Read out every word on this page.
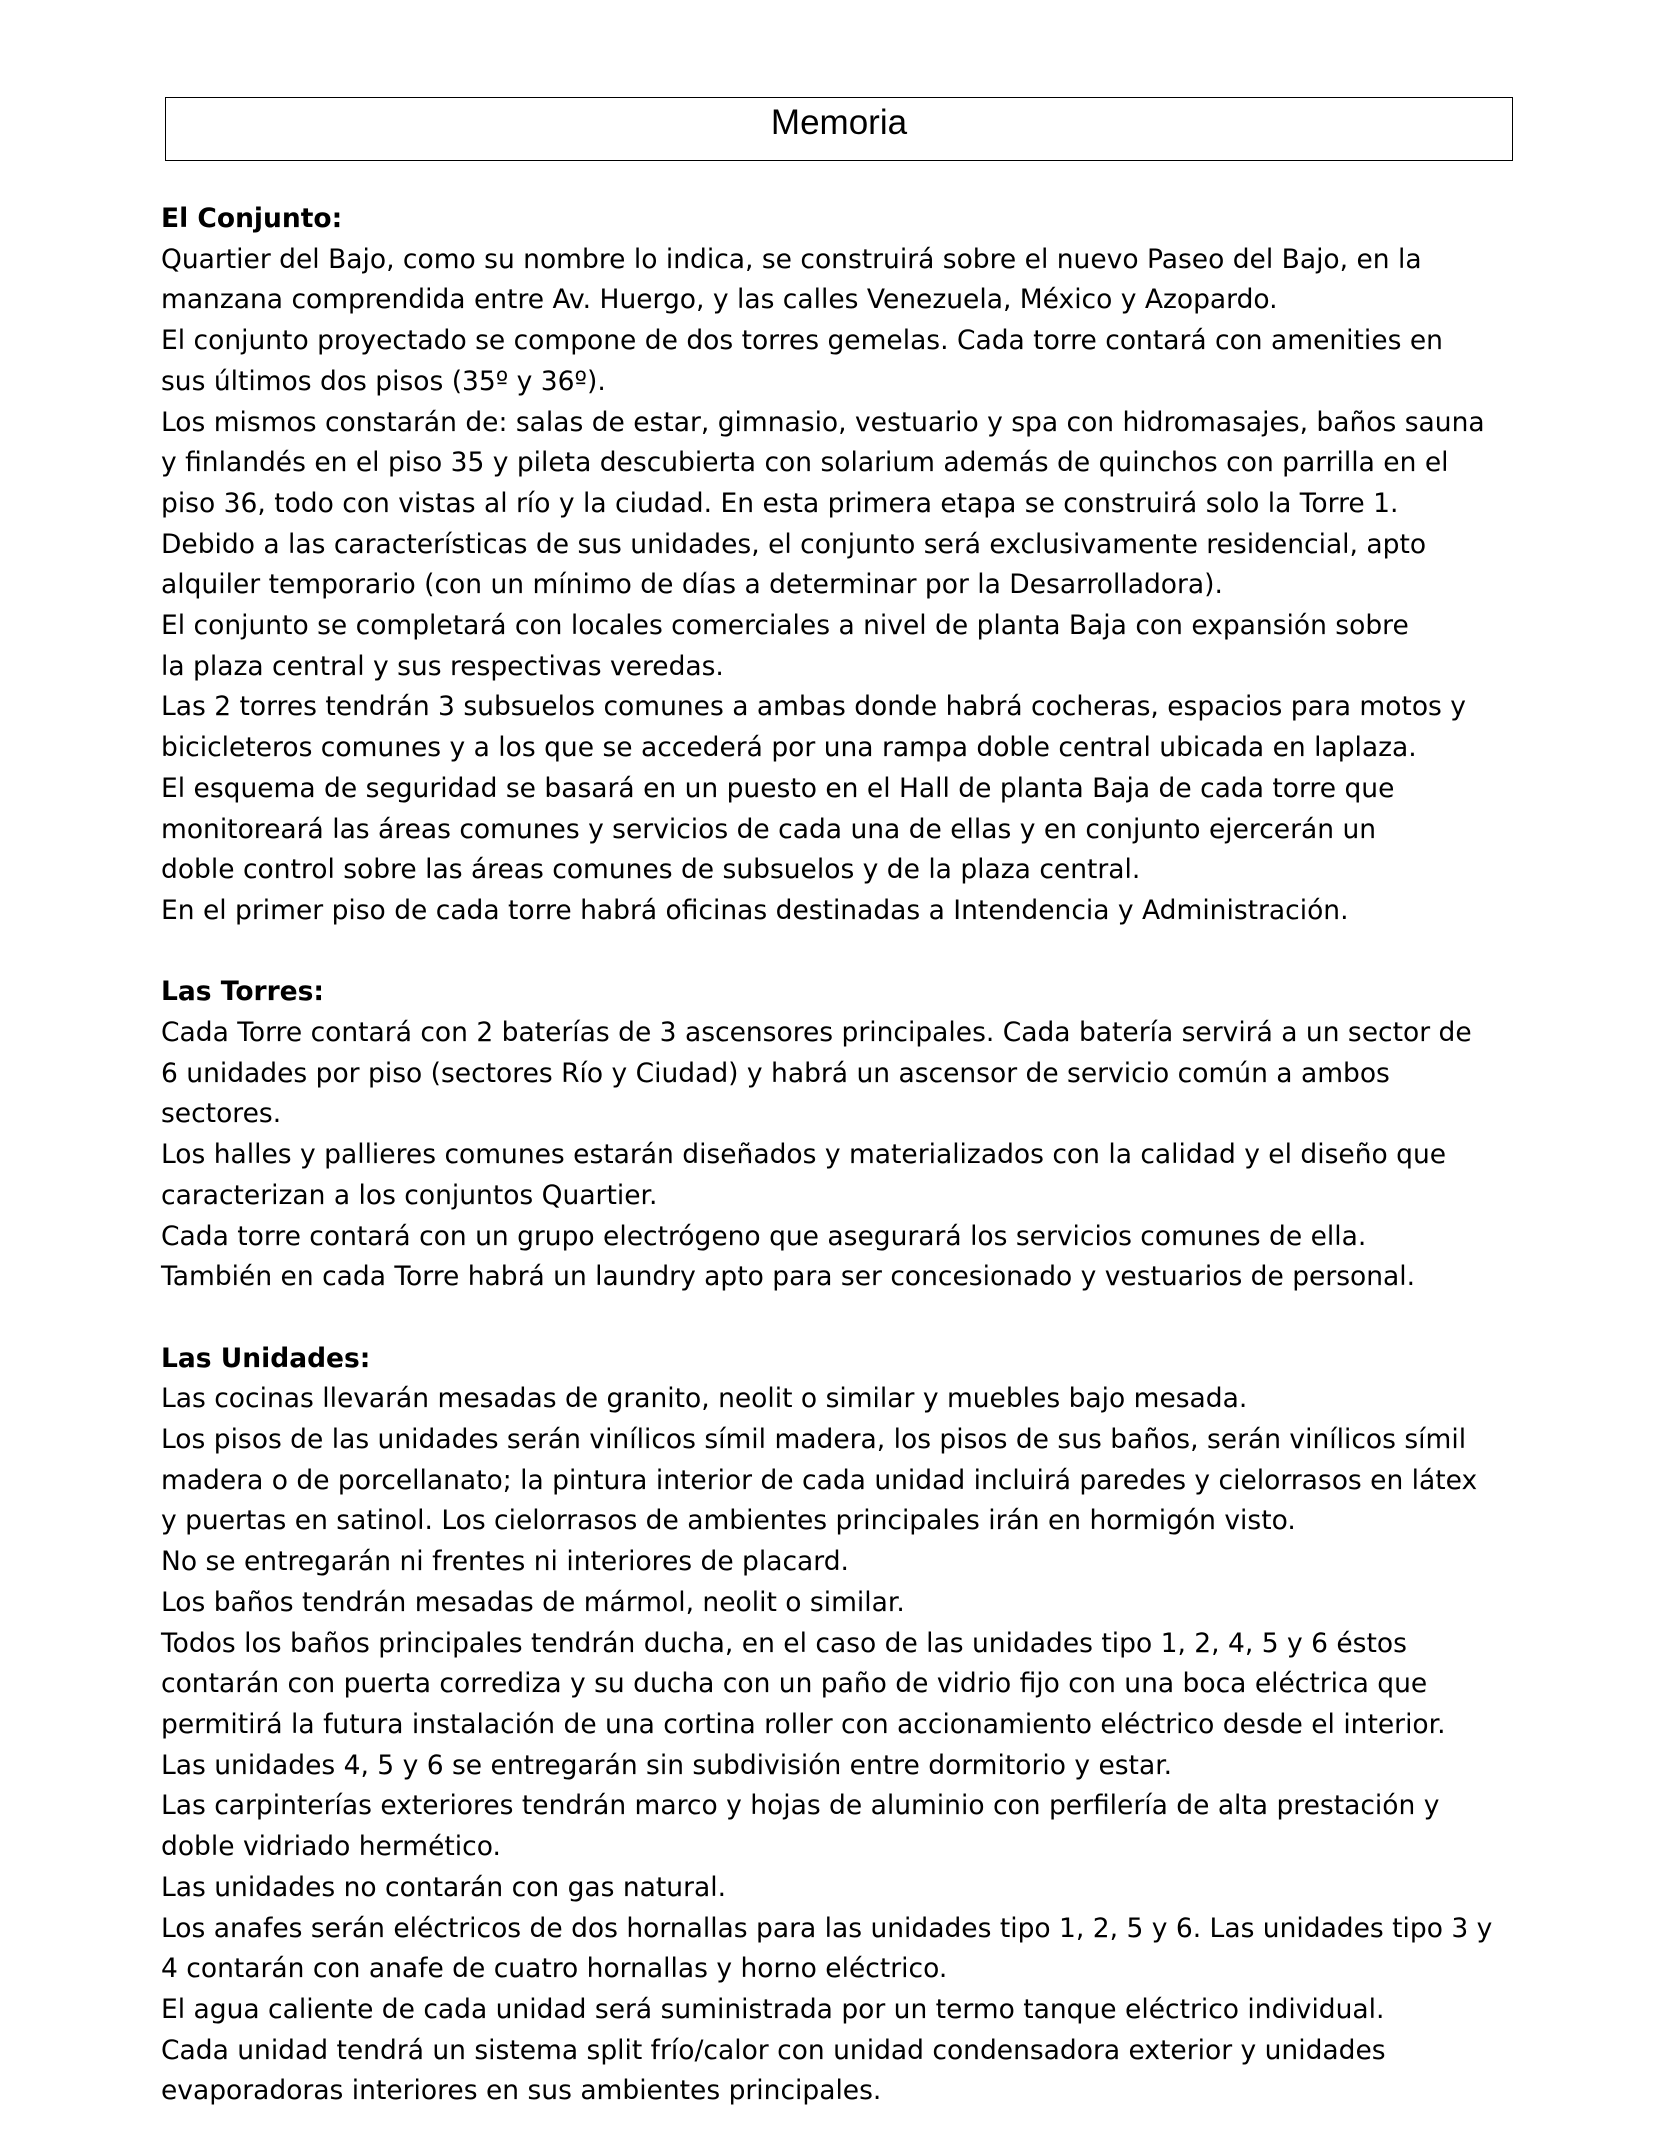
Memoria
El Conjunto:
Quartier del Bajo, como su nombre lo indica, se construirá sobre el nuevo Paseo del Bajo, en la
manzana comprendida entre Av. Huergo, y las calles Venezuela, México y Azopardo.
El conjunto proyectado se compone de dos torres gemelas. Cada torre contará con amenities en
sus últimos dos pisos (35º y 36º).
Los mismos constarán de: salas de estar, gimnasio, vestuario y spa con hidromasajes, baños sauna
y finlandés en el piso 35 y pileta descubierta con solarium además de quinchos con parrilla en el
piso 36, todo con vistas al río y la ciudad. En esta primera etapa se construirá solo la Torre 1.
Debido a las características de sus unidades, el conjunto será exclusivamente residencial, apto
alquiler temporario (con un mínimo de días a determinar por la Desarrolladora).
El conjunto se completará con locales comerciales a nivel de planta Baja con expansión sobre
la plaza central y sus respectivas veredas.
Las 2 torres tendrán 3 subsuelos comunes a ambas donde habrá cocheras, espacios para motos y
bicicleteros comunes y a los que se accederá por una rampa doble central ubicada en laplaza.
El esquema de seguridad se basará en un puesto en el Hall de planta Baja de cada torre que
monitoreará las áreas comunes y servicios de cada una de ellas y en conjunto ejercerán un
doble control sobre las áreas comunes de subsuelos y de la plaza central.
En el primer piso de cada torre habrá oficinas destinadas a Intendencia y Administración.
Las Torres:
Cada Torre contará con 2 baterías de 3 ascensores principales. Cada batería servirá a un sector de
6 unidades por piso (sectores Río y Ciudad) y habrá un ascensor de servicio común a ambos
sectores.
Los halles y pallieres comunes estarán diseñados y materializados con la calidad y el diseño que
caracterizan a los conjuntos Quartier.
Cada torre contará con un grupo electrógeno que asegurará los servicios comunes de ella.
También en cada Torre habrá un laundry apto para ser concesionado y vestuarios de personal.
Las Unidades:
Las cocinas llevarán mesadas de granito, neolit o similar y muebles bajo mesada.
Los pisos de las unidades serán vinílicos símil madera, los pisos de sus baños, serán vinílicos símil
madera o de porcellanato; la pintura interior de cada unidad incluirá paredes y cielorrasos en látex
y puertas en satinol. Los cielorrasos de ambientes principales irán en hormigón visto.
No se entregarán ni frentes ni interiores de placard.
Los baños tendrán mesadas de mármol, neolit o similar.
Todos los baños principales tendrán ducha, en el caso de las unidades tipo 1, 2, 4, 5 y 6 éstos
contarán con puerta corrediza y su ducha con un paño de vidrio fijo con una boca eléctrica que
permitirá la futura instalación de una cortina roller con accionamiento eléctrico desde el interior.
Las unidades 4, 5 y 6 se entregarán sin subdivisión entre dormitorio y estar.
Las carpinterías exteriores tendrán marco y hojas de aluminio con perfilería de alta prestación y
doble vidriado hermético.
Las unidades no contarán con gas natural.
Los anafes serán eléctricos de dos hornallas para las unidades tipo 1, 2, 5 y 6. Las unidades tipo 3 y
4 contarán con anafe de cuatro hornallas y horno eléctrico.
El agua caliente de cada unidad será suministrada por un termo tanque eléctrico individual.
Cada unidad tendrá un sistema split frío/calor con unidad condensadora exterior y unidades
evaporadoras interiores en sus ambientes principales.
